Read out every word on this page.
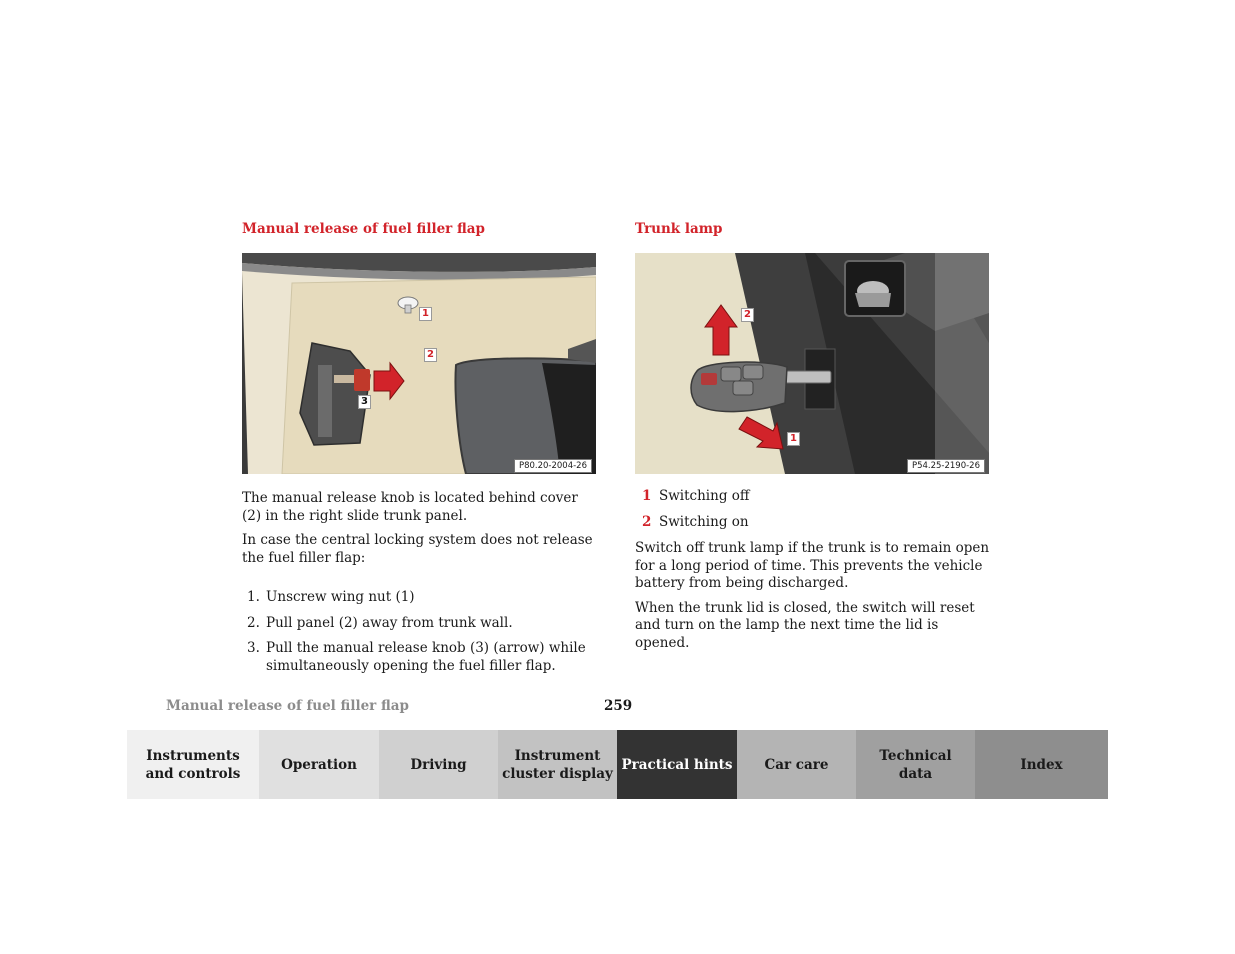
Manual release of fuel filler flap
1
2
3
P80.20-2004-26

The manual release knob is located behind cover (2) in the right slide trunk panel.

In case the central locking system does not release the fuel filler flap:

1. Unscrew wing nut (1)
2. Pull panel (2) away from trunk wall.
3. Pull the manual release knob (3) (arrow) while simultaneously opening the fuel filler flap.
Trunk lamp
2
1
P54.25-2190-26
1 Switching off
2 Switching on

Switch off trunk lamp if the trunk is to remain open for a long period of time. This prevents the vehicle battery from being discharged.

When the trunk lid is closed, the switch will reset and turn on the lamp the next time the lid is opened.

Manual release of fuel filler flap	259
Instruments
and controls
Operation	Driving
Instrument
cluster display
Practical hints Car care
Technical
data
Index
